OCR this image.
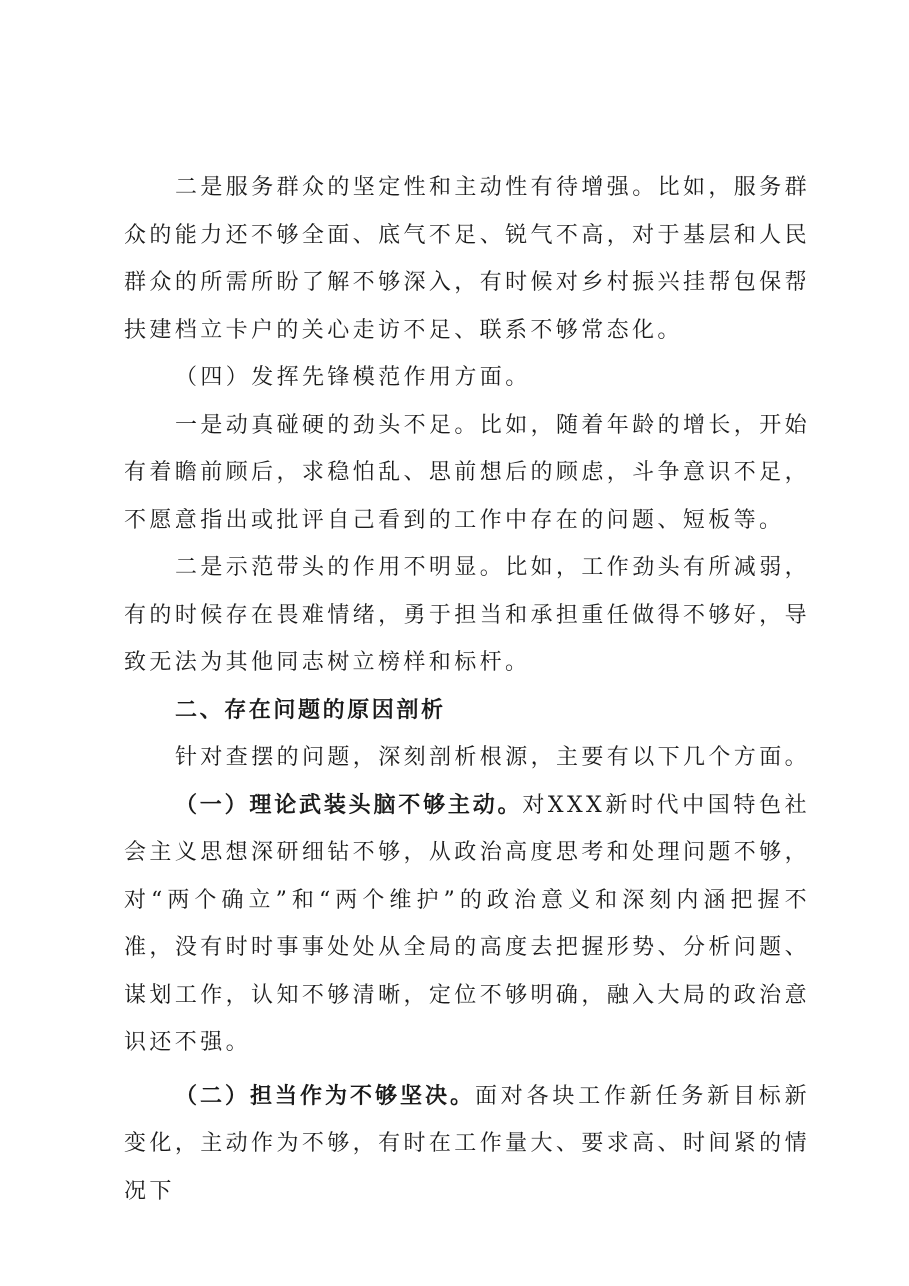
二是服务群众的坚定性和主动性有待增强。比如，服务群众的能力还不够全面、底气不足、锐气不高，对于基层和人民群众的所需所盼了解不够深入，有时候对乡村振兴挂帮包保帮扶建档立卡户的关心走访不足、联系不够常态化。

（四）发挥先锋模范作用方面。

一是动真碰硬的劲头不足。比如，随着年龄的增长，开始有着瞻前顾后，求稳怕乱、思前想后的顾虑，斗争意识不足，不愿意指出或批评自己看到的工作中存在的问题、短板等。

二是示范带头的作用不明显。比如，工作劲头有所减弱，有的时候存在畏难情绪，勇于担当和承担重任做得不够好，导致无法为其他同志树立榜样和标杆。

二、存在问题的原因剖析

针对查摆的问题，深刻剖析根源，主要有以下几个方面。

（一）理论武装头脑不够主动。对XXX新时代中国特色社会主义思想深研细钻不够，从政治高度思考和处理问题不够，对“两个确立”和“两个维护”的政治意义和深刻内涵把握不准，没有时时事事处处从全局的高度去把握形势、分析问题、谋划工作，认知不够清晰，定位不够明确，融入大局的政治意识还不强。

（二）担当作为不够坚决。面对各块工作新任务新目标新变化，主动作为不够，有时在工作量大、要求高、时间紧的情况下
